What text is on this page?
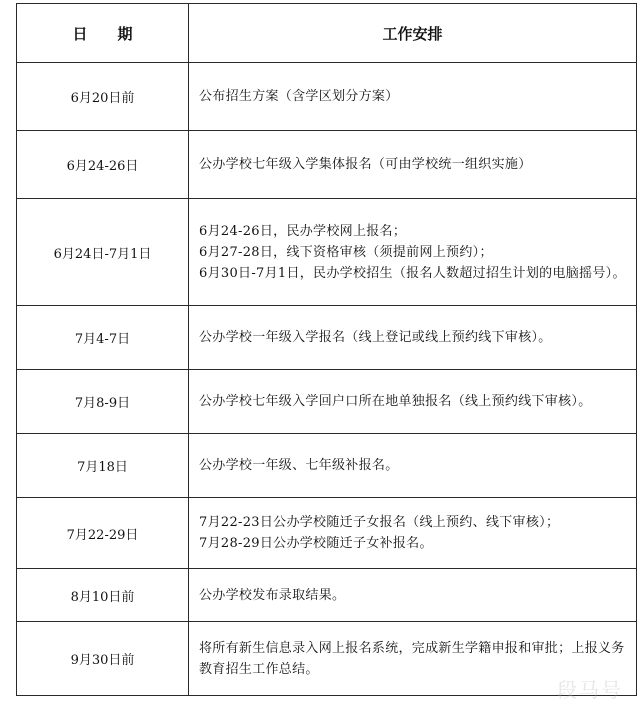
日　　期	工作安排
6月20日前	公布招生方案（含学区划分方案）

6月24-26日	公办学校七年级入学集体报名（可由学校统一组织实施）

6月24日-7月1日	6月24-26日，民办学校网上报名；
6月27-28日，线下资格审核（须提前网上预约）；
6月30日-7月1日，民办学校招生（报名人数超过招生计划的电脑摇号）。

7月4-7日	公办学校一年级入学报名（线上登记或线上预约线下审核）。

7月8-9日	公办学校七年级入学回户口所在地单独报名（线上预约线下审核）。

7月18日	公办学校一年级、七年级补报名。

7月22-29日	7月22-23日公办学校随迁子女报名（线上预约、线下审核）；
7月28-29日公办学校随迁子女补报名。

8月10日前	公办学校发布录取结果。

9月30日前	将所有新生信息录入网上报名系统，完成新生学籍申报和审批；上报义务教育招生工作总结。
段马号
